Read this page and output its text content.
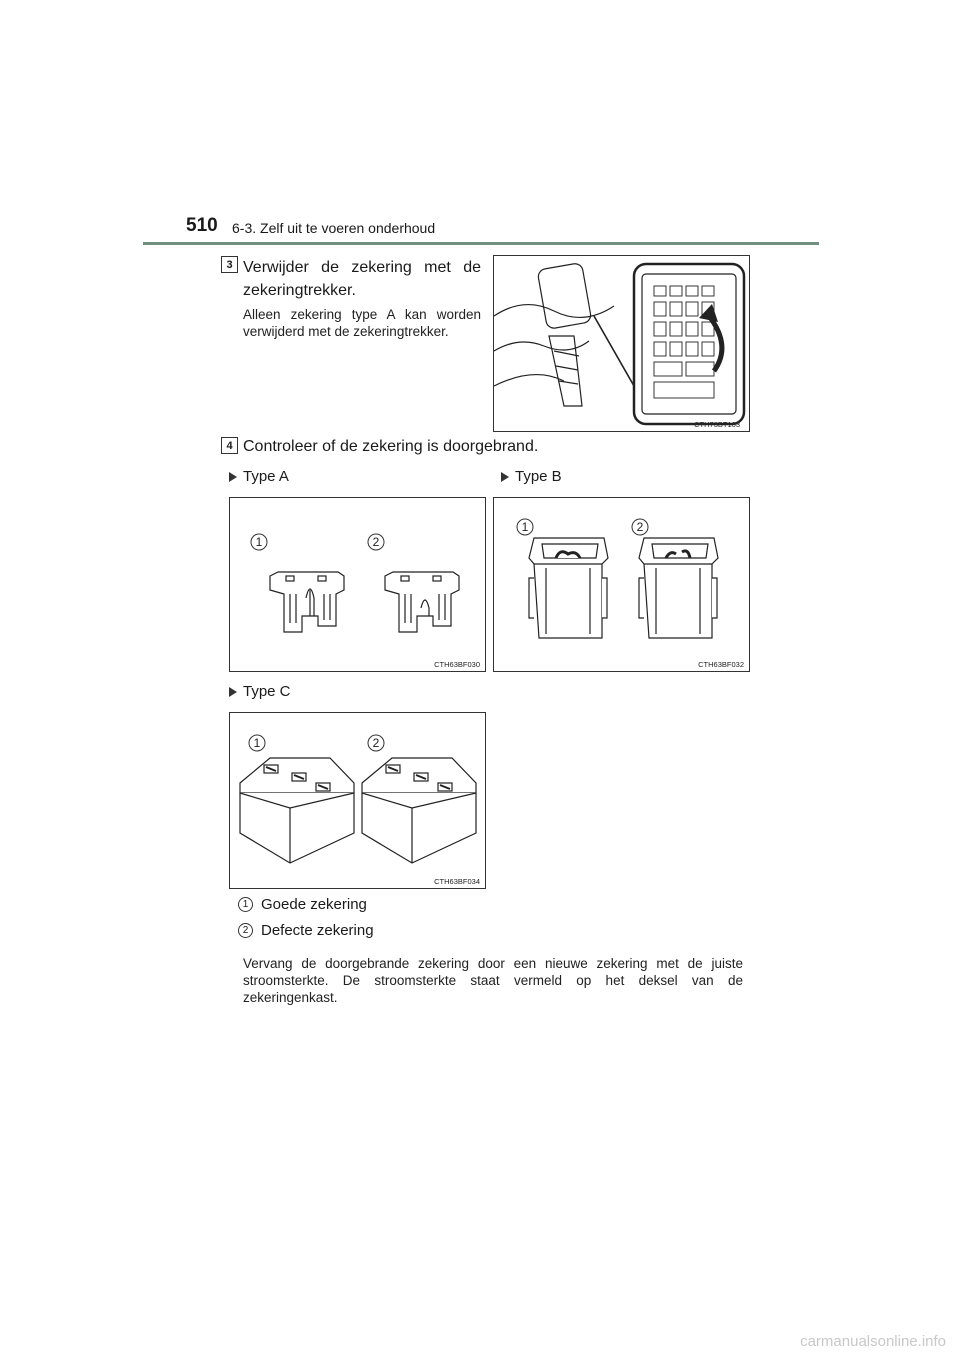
510 6-3. Zelf uit te voeren onderhoud
3 Verwijder de zekering met de zekeringtrekker.
Alleen zekering type A kan worden verwijderd met de zekeringtrekker.
CTH73BT163
4 Controleer of de zekering is doorgebrand.
Type A	Type B
1	2
CTH63BF030
1	2
CTH63BF032
Type C
1	2
CTH63BF034
1 Goede zekering
2 Defecte zekering
Vervang de doorgebrande zekering door een nieuwe zekering met de juiste stroomsterkte. De stroomsterkte staat vermeld op het deksel van de zekeringenkast.
carmanualsonline.info
